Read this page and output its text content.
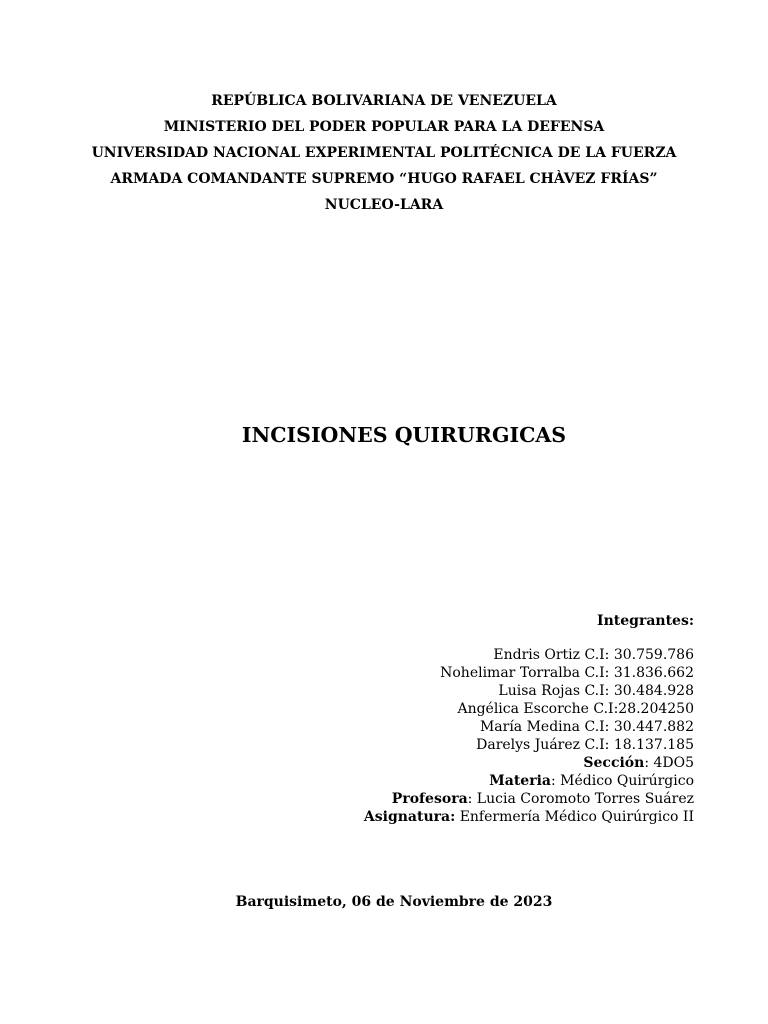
REPÚBLICA BOLIVARIANA DE VENEZUELA
MINISTERIO DEL PODER POPULAR PARA LA DEFENSA
UNIVERSIDAD NACIONAL EXPERIMENTAL POLITÉCNICA DE LA FUERZA
ARMADA COMANDANTE SUPREMO “HUGO RAFAEL CHÀVEZ FRÍAS”
NUCLEO-LARA
INCISIONES QUIRURGICAS
Integrantes:
Endris Ortiz C.I: 30.759.786
Nohelimar Torralba C.I: 31.836.662
Luisa Rojas C.I: 30.484.928
Angélica Escorche C.I:28.204250
María Medina C.I: 30.447.882
Darelys Juárez C.I: 18.137.185
Sección: 4DO5
Materia: Médico Quirúrgico
Profesora: Lucia Coromoto Torres Suárez
Asignatura: Enfermería Médico Quirúrgico II
Barquisimeto, 06 de Noviembre de 2023
